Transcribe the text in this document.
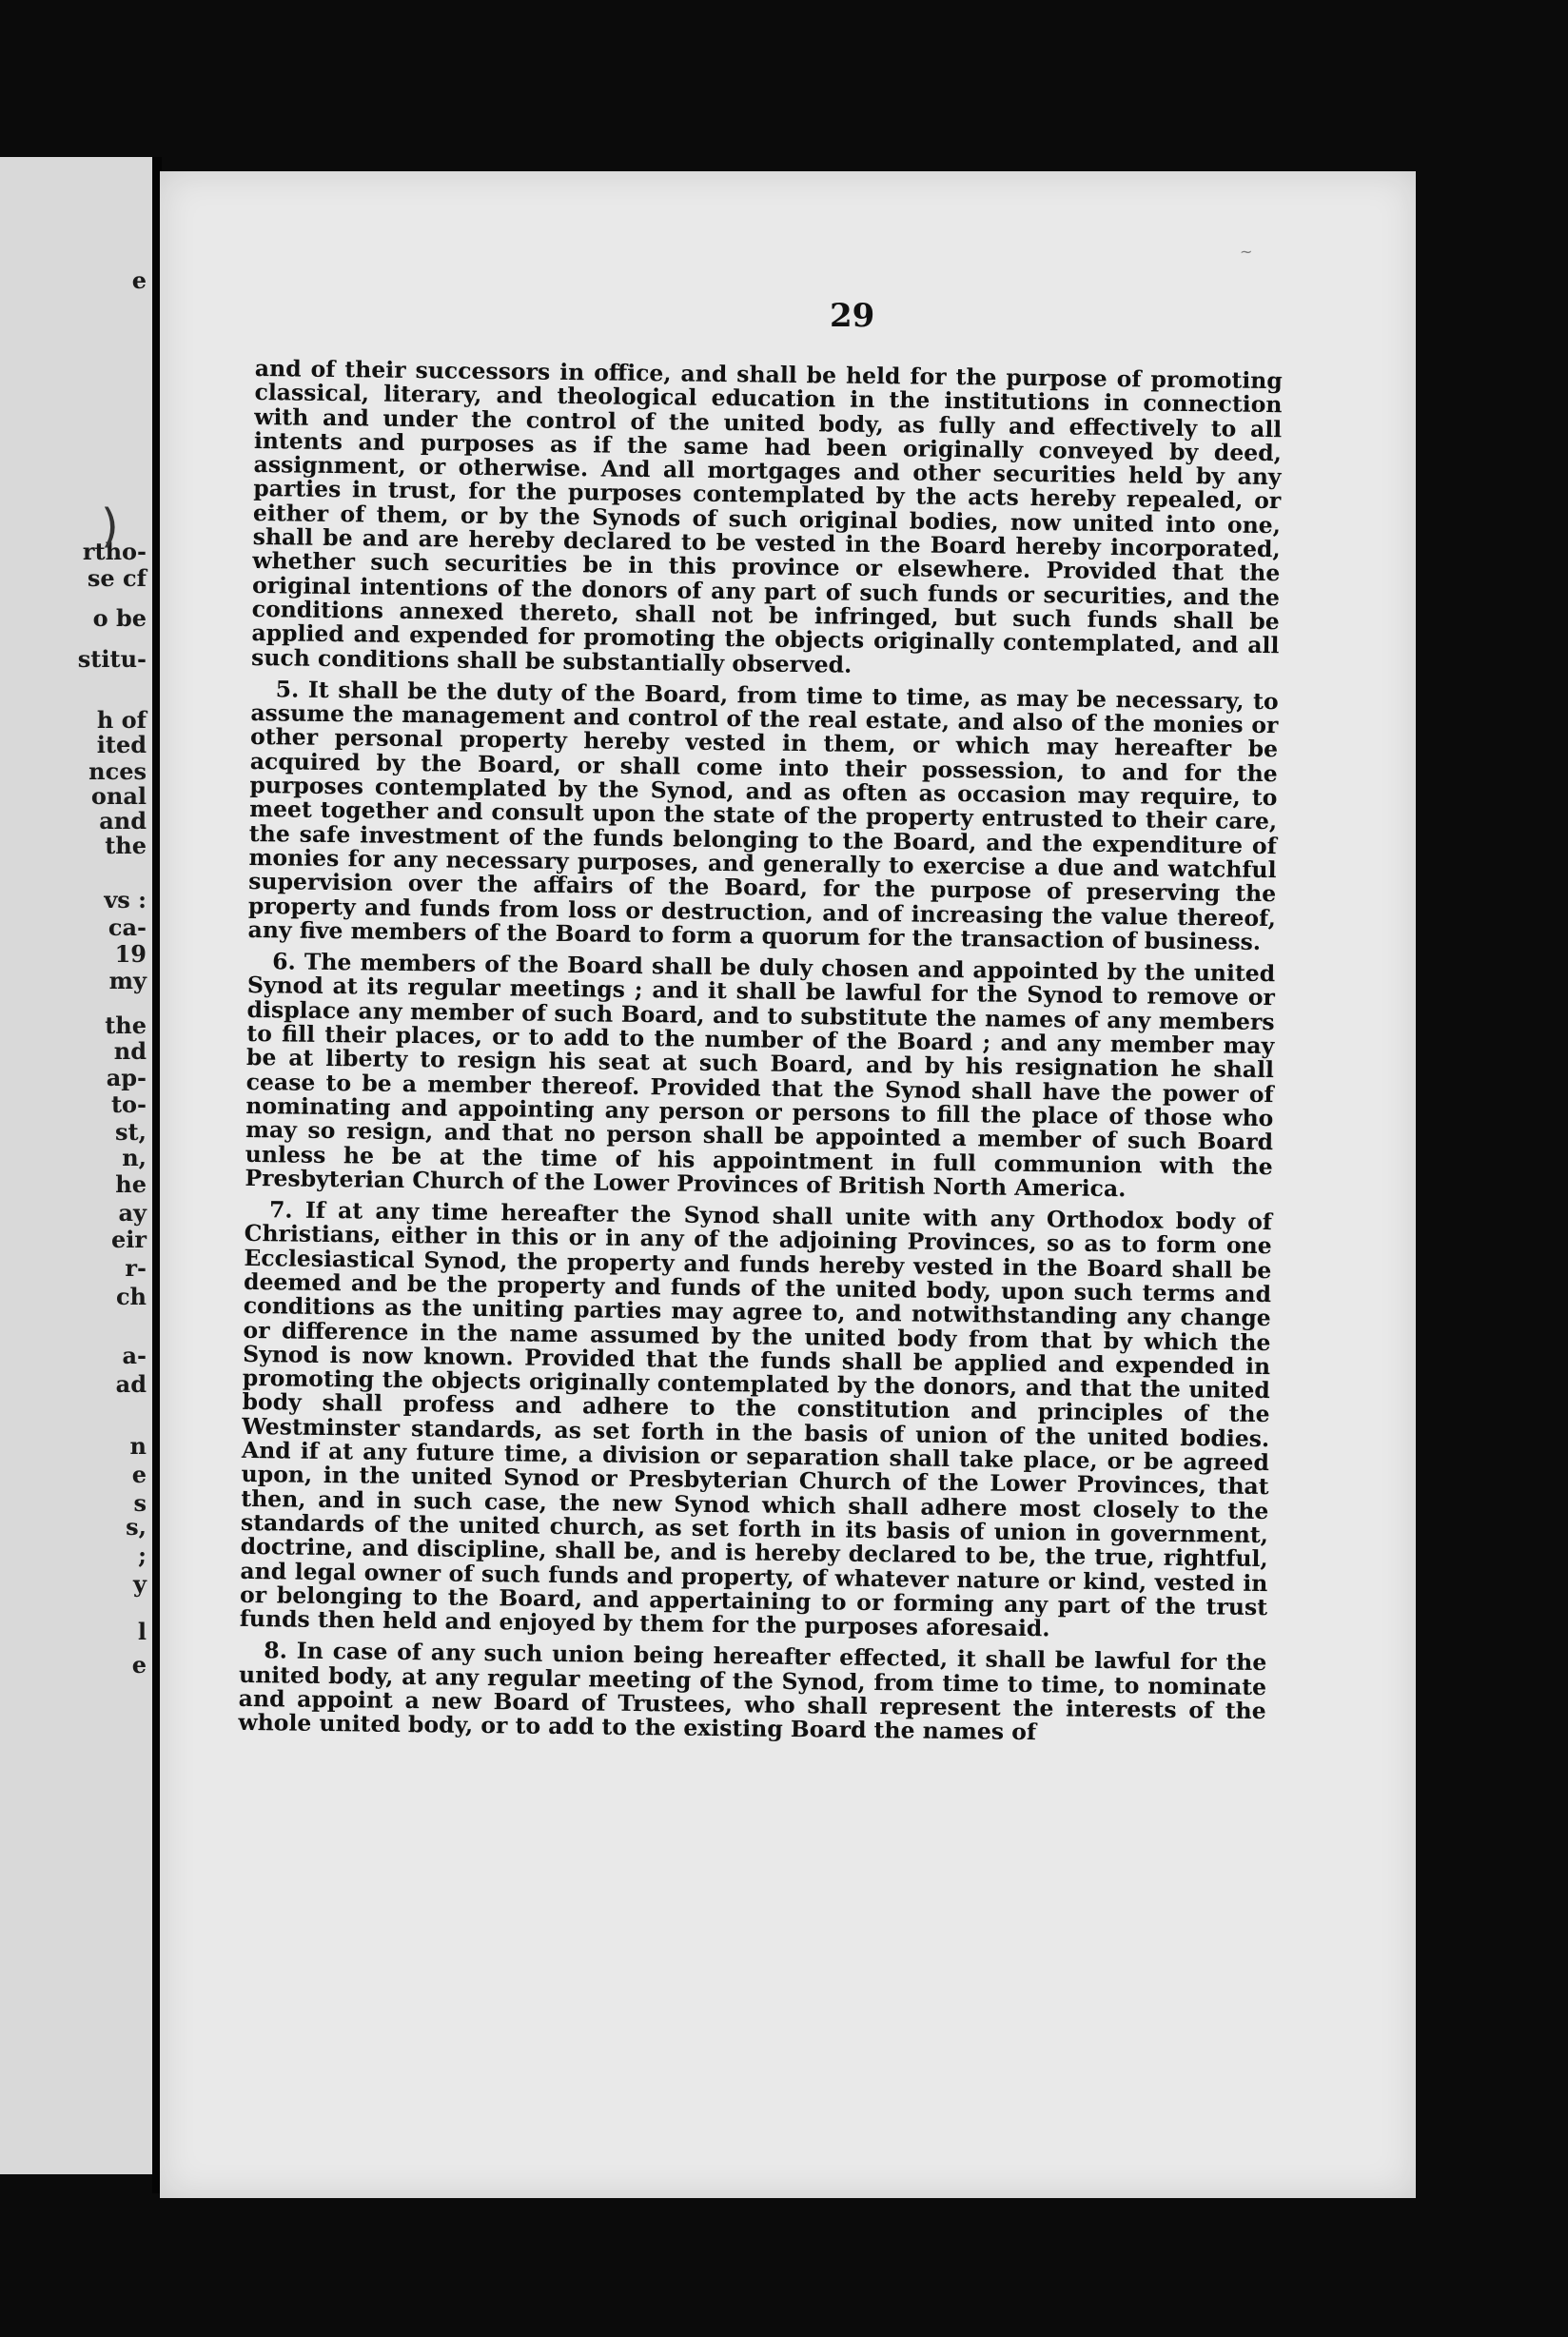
e
rtho-
se cf
o be
stitu-
h of
ited
nces
onal
and
the
vs :
ca-
19
my
the
nd
ap-
to-
st,
n,
he
ay
eir
r-
ch
a-
ad
n
e
s
s,
;
y
l
e
29

and of their successors in office, and shall be held for the purpose of promoting classical, literary, and theological education in the institutions in connection with and under the control of the united body, as fully and effectively to all intents and purposes as if the same had been originally conveyed by deed, assignment, or otherwise. And all mortgages and other securities held by any parties in trust, for the purposes contemplated by the acts hereby repealed, or either of them, or by the Synods of such original bodies, now united into one, shall be and are hereby declared to be vested in the Board hereby incorporated, whether such securities be in this province or elsewhere. Provided that the original intentions of the donors of any part of such funds or securities, and the conditions annexed thereto, shall not be infringed, but such funds shall be applied and expended for promoting the objects originally contemplated, and all such conditions shall be substantially observed.

5. It shall be the duty of the Board, from time to time, as may be necessary, to assume the management and control of the real estate, and also of the monies or other personal property hereby vested in them, or which may hereafter be acquired by the Board, or shall come into their possession, to and for the purposes contemplated by the Synod, and as often as occasion may require, to meet together and consult upon the state of the property entrusted to their care, the safe investment of the funds belonging to the Board, and the expenditure of monies for any necessary purposes, and generally to exercise a due and watchful supervision over the affairs of the Board, for the purpose of preserving the property and funds from loss or destruction, and of increasing the value thereof, any five members of the Board to form a quorum for the transaction of business.

6. The members of the Board shall be duly chosen and appointed by the united Synod at its regular meetings ; and it shall be lawful for the Synod to remove or displace any member of such Board, and to substitute the names of any members to fill their places, or to add to the number of the Board ; and any member may be at liberty to resign his seat at such Board, and by his resignation he shall cease to be a member thereof. Provided that the Synod shall have the power of nominating and appointing any person or persons to fill the place of those who may so resign, and that no person shall be appointed a member of such Board unless he be at the time of his appointment in full communion with the Presbyterian Church of the Lower Provinces of British North America.

7. If at any time hereafter the Synod shall unite with any Orthodox body of Christians, either in this or in any of the adjoining Provinces, so as to form one Ecclesiastical Synod, the property and funds hereby vested in the Board shall be deemed and be the property and funds of the united body, upon such terms and conditions as the uniting parties may agree to, and notwithstanding any change or difference in the name assumed by the united body from that by which the Synod is now known. Provided that the funds shall be applied and expended in promoting the objects originally contemplated by the donors, and that the united body shall profess and adhere to the constitution and principles of the Westminster standards, as set forth in the basis of union of the united bodies. And if at any future time, a division or separation shall take place, or be agreed upon, in the united Synod or Presbyterian Church of the Lower Provinces, that then, and in such case, the new Synod which shall adhere most closely to the standards of the united church, as set forth in its basis of union in government, doctrine, and discipline, shall be, and is hereby declared to be, the true, rightful, and legal owner of such funds and property, of whatever nature or kind, vested in or belonging to the Board, and appertaining to or forming any part of the trust funds then held and enjoyed by them for the purposes aforesaid.

8. In case of any such union being hereafter effected, it shall be lawful for the united body, at any regular meeting of the Synod, from time to time, to nominate and appoint a new Board of Trustees, who shall represent the interests of the whole united body, or to add to the existing Board the names of

)
~
